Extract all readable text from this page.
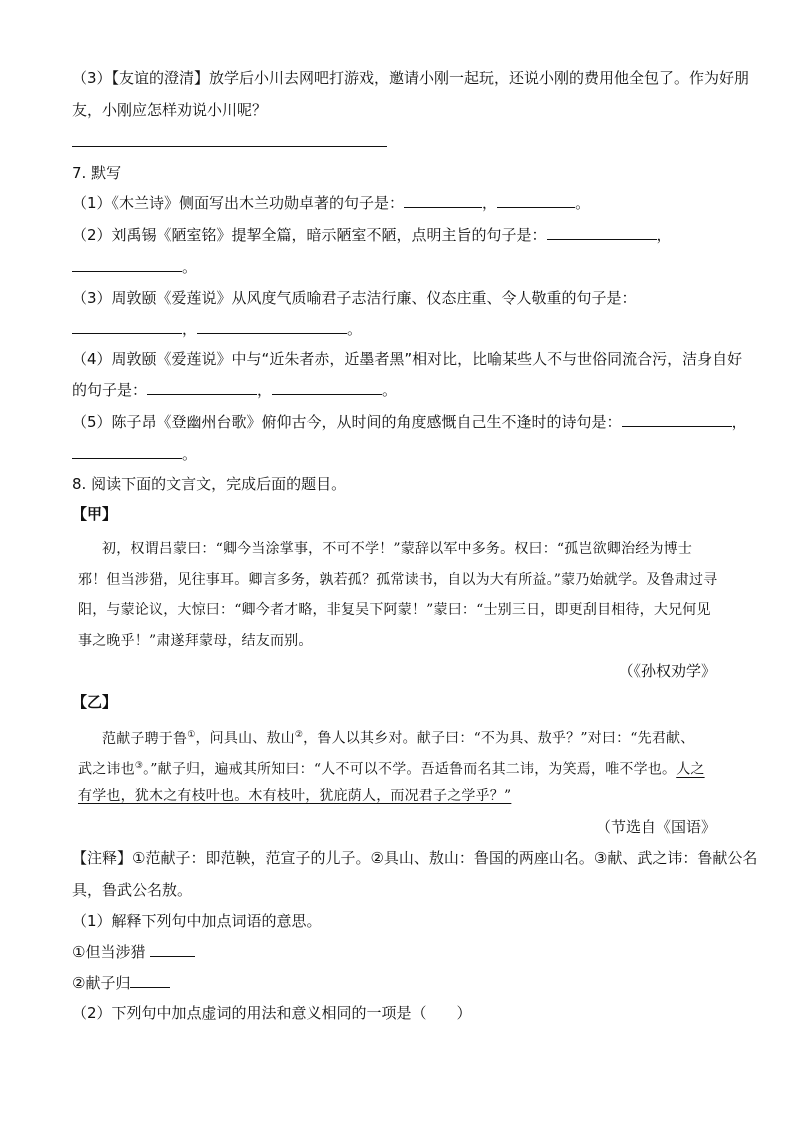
（3）【友谊的澄清】放学后小川去网吧打游戏，邀请小刚一起玩，还说小刚的费用他全包了。作为好朋
友，小刚应怎样劝说小川呢？
7. 默写
（1）《木兰诗》侧面写出木兰功勋卓著的句子是：	，	。
（2）刘禹锡《陋室铭》提挈全篇，暗示陋室不陋，点明主旨的句子是：	，
。
（3）周敦颐《爱莲说》从风度气质喻君子志洁行廉、仪态庄重、令人敬重的句子是：
，	。
（4）周敦颐《爱莲说》中与“近朱者赤，近墨者黑”相对比，比喻某些人不与世俗同流合污，洁身自好
的句子是：	，	。
（5）陈子昂《登幽州台歌》俯仰古今，从时间的角度感慨自己生不逢时的诗句是：	，
。
8. 阅读下面的文言文，完成后面的题目。
【甲】
初，权谓吕蒙曰：“卿今当涂掌事，不可不学！”蒙辞以军中多务。权曰：“孤岂欲卿治经为博士
邪！但当涉猎，见往事耳。卿言多务，孰若孤？孤常读书，自以为大有所益。”蒙乃始就学。及鲁肃过寻
阳，与蒙论议，大惊曰：“卿今者才略，非复吴下阿蒙！”蒙曰：“士别三日，即更刮目相待，大兄何见
事之晚乎！”肃遂拜蒙母，结友而别。
（《孙权劝学》
【乙】
范献子聘于鲁①，问具山、敖山②，鲁人以其乡对。献子曰：“不为具、敖乎？”对曰：“先君献、
武之讳也③。”献子归，遍戒其所知曰：“人不可以不学。吾适鲁而名其二讳，为笑焉，唯不学也。人之
有学也，犹木之有枝叶也。木有枝叶，犹庇荫人，而况君子之学乎？”
（节选自《国语》
【注释】①范献子：即范鞅，范宣子的儿子。②具山、敖山：鲁国的两座山名。③献、武之讳：鲁献公名
具，鲁武公名敖。
（1）解释下列句中加点词语的意思。
①但当涉猎
②献子归
（2）下列句中加点虚词的用法和意义相同的一项是（　　）
